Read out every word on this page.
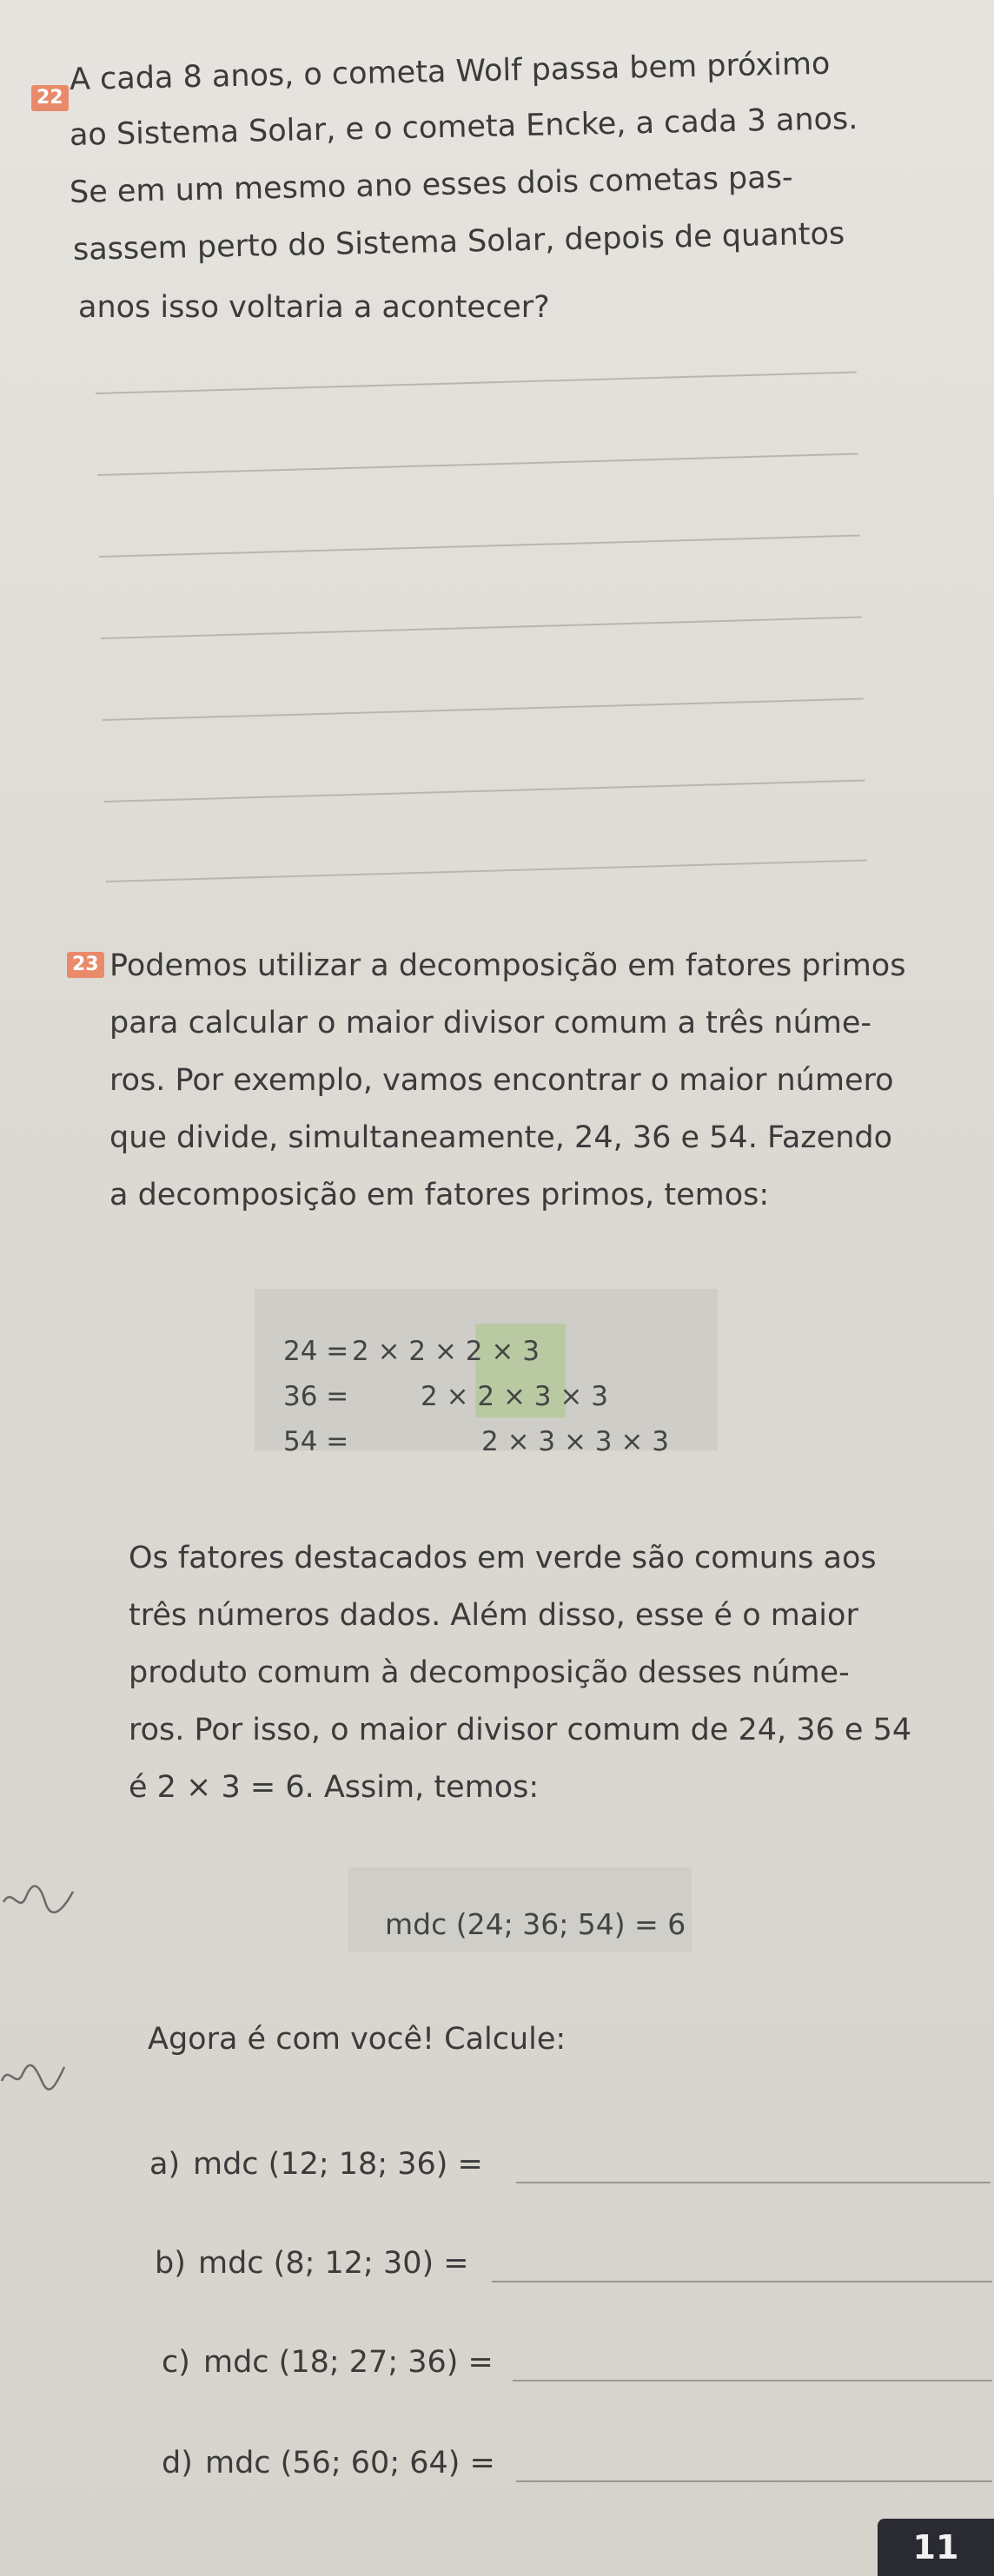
22

A cada 8 anos, o cometa Wolf passa bem próximo

ao Sistema Solar, e o cometa Encke, a cada 3 anos.

Se em um mesmo ano esses dois cometas pas-

sassem perto do Sistema Solar, depois de quantos

anos isso voltaria a acontecer?

23 Podemos utilizar a decomposição em fatores primos

para calcular o maior divisor comum a três núme-

ros. Por exemplo, vamos encontrar o maior número

que divide, simultaneamente, 24, 36 e 54. Fazendo

a decomposição em fatores primos, temos:

24 = 2 × 2 × 2 × 3
36 =	2 × 2 × 3 × 3
54 =	2 × 3 × 3 × 3

Os fatores destacados em verde são comuns aos

três números dados. Além disso, esse é o maior

produto comum à decomposição desses núme-

ros. Por isso, o maior divisor comum de 24, 36 e 54

é 2 × 3 = 6. Assim, temos:

mdc (24; 36; 54) = 6

Agora é com você! Calcule:

a) mdc (12; 18; 36) =
b) mdc (8; 12; 30) =
c) mdc (18; 27; 36) =
d) mdc (56; 60; 64) =
11
